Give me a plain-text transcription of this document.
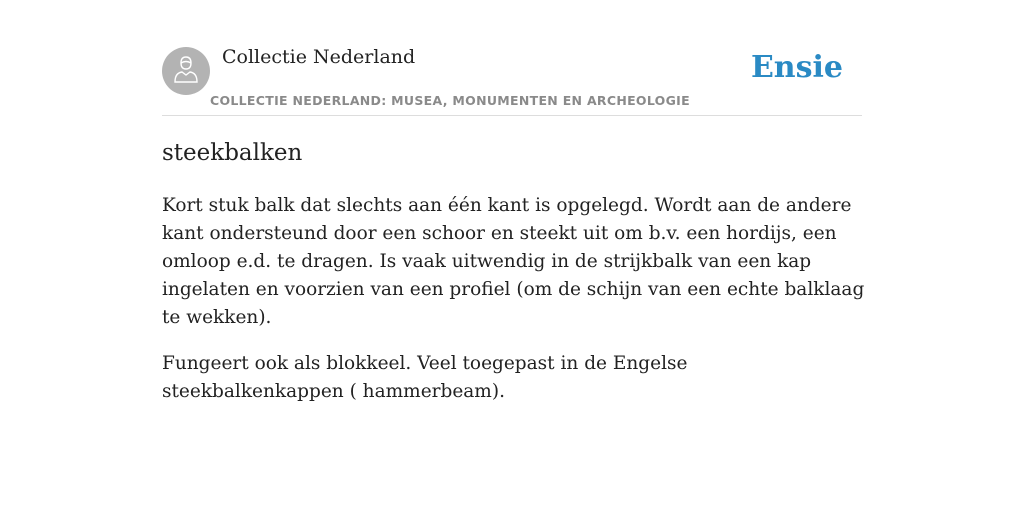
Collectie Nederland
COLLECTIE NEDERLAND: MUSEA, MONUMENTEN EN ARCHEOLOGIE
Ensie
steekbalken

Kort stuk balk dat slechts aan één kant is opgelegd. Wordt aan de andere kant ondersteund door een schoor en steekt uit om b.v. een hordijs, een omloop e.d. te dragen. Is vaak uitwendig in de strijkbalk van een kap ingelaten en voorzien van een profiel (om de schijn van een echte balklaag te wekken).

Fungeert ook als blokkeel. Veel toegepast in de Engelse steekbalkenkappen ( hammerbeam).
